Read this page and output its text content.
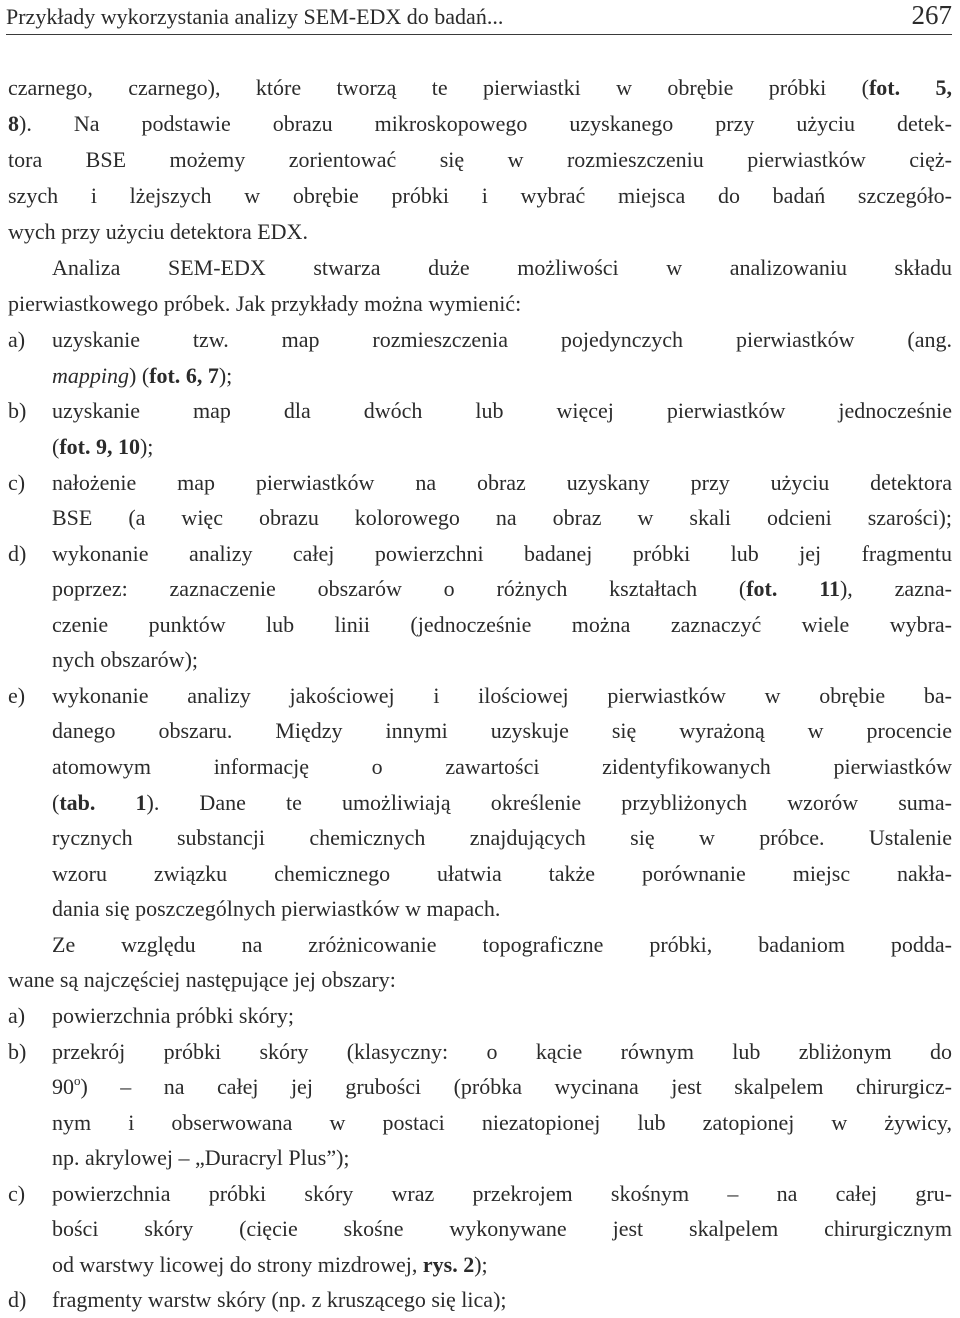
Przykłady wykorzystania analizy SEM-EDX do badań...	267
czarnego, czarnego), które tworzą te pierwiastki w obrębie próbki (fot. 5,
8). Na podstawie obrazu mikroskopowego uzyskanego przy użyciu detek-
tora BSE możemy zorientować się w rozmieszczeniu pierwiastków cięż-
szych i lżejszych w obrębie próbki i wybrać miejsca do badań szczegóło-
wych przy użyciu detektora EDX.
Analiza SEM-EDX stwarza duże możliwości w analizowaniu składu
pierwiastkowego próbek. Jak przykłady można wymienić:
a)	uzyskanie tzw. map rozmieszczenia pojedynczych pierwiastków (ang.
mapping) (fot. 6, 7);
b)	uzyskanie map dla dwóch lub więcej pierwiastków jednocześnie
(fot. 9, 10);
c)	nałożenie map pierwiastków na obraz uzyskany przy użyciu detektora
BSE (a więc obrazu kolorowego na obraz w skali odcieni szarości);
d)	wykonanie analizy całej powierzchni badanej próbki lub jej fragmentu
poprzez: zaznaczenie obszarów o różnych kształtach (fot. 11), zazna-
czenie punktów lub linii (jednocześnie można zaznaczyć wiele wybra-
nych obszarów);
e)	wykonanie analizy jakościowej i ilościowej pierwiastków w obrębie ba-
danego obszaru. Między innymi uzyskuje się wyrażoną w procencie
atomowym informację o zawartości zidentyfikowanych pierwiastków
(tab. 1). Dane te umożliwiają określenie przybliżonych wzorów suma-
rycznych substancji chemicznych znajdujących się w próbce. Ustalenie
wzoru związku chemicznego ułatwia także porównanie miejsc nakła-
dania się poszczególnych pierwiastków w mapach.
Ze względu na zróżnicowanie topograficzne próbki, badaniom podda-
wane są najczęściej następujące jej obszary:
a)	powierzchnia próbki skóry;
b)	przekrój próbki skóry (klasyczny: o kącie równym lub zbliżonym do
90$^o$) – na całej jej grubości (próbka wycinana jest skalpelem chirurgicz-
nym i obserwowana w postaci niezatopionej lub zatopionej w żywicy,
np. akrylowej – „Duracryl Plus”);
c)	powierzchnia próbki skóry wraz przekrojem skośnym – na całej gru-
bości skóry (cięcie skośne wykonywane jest skalpelem chirurgicznym
od warstwy licowej do strony mizdrowej, rys. 2);
d)	fragmenty warstw skóry (np. z kruszącego się lica);
